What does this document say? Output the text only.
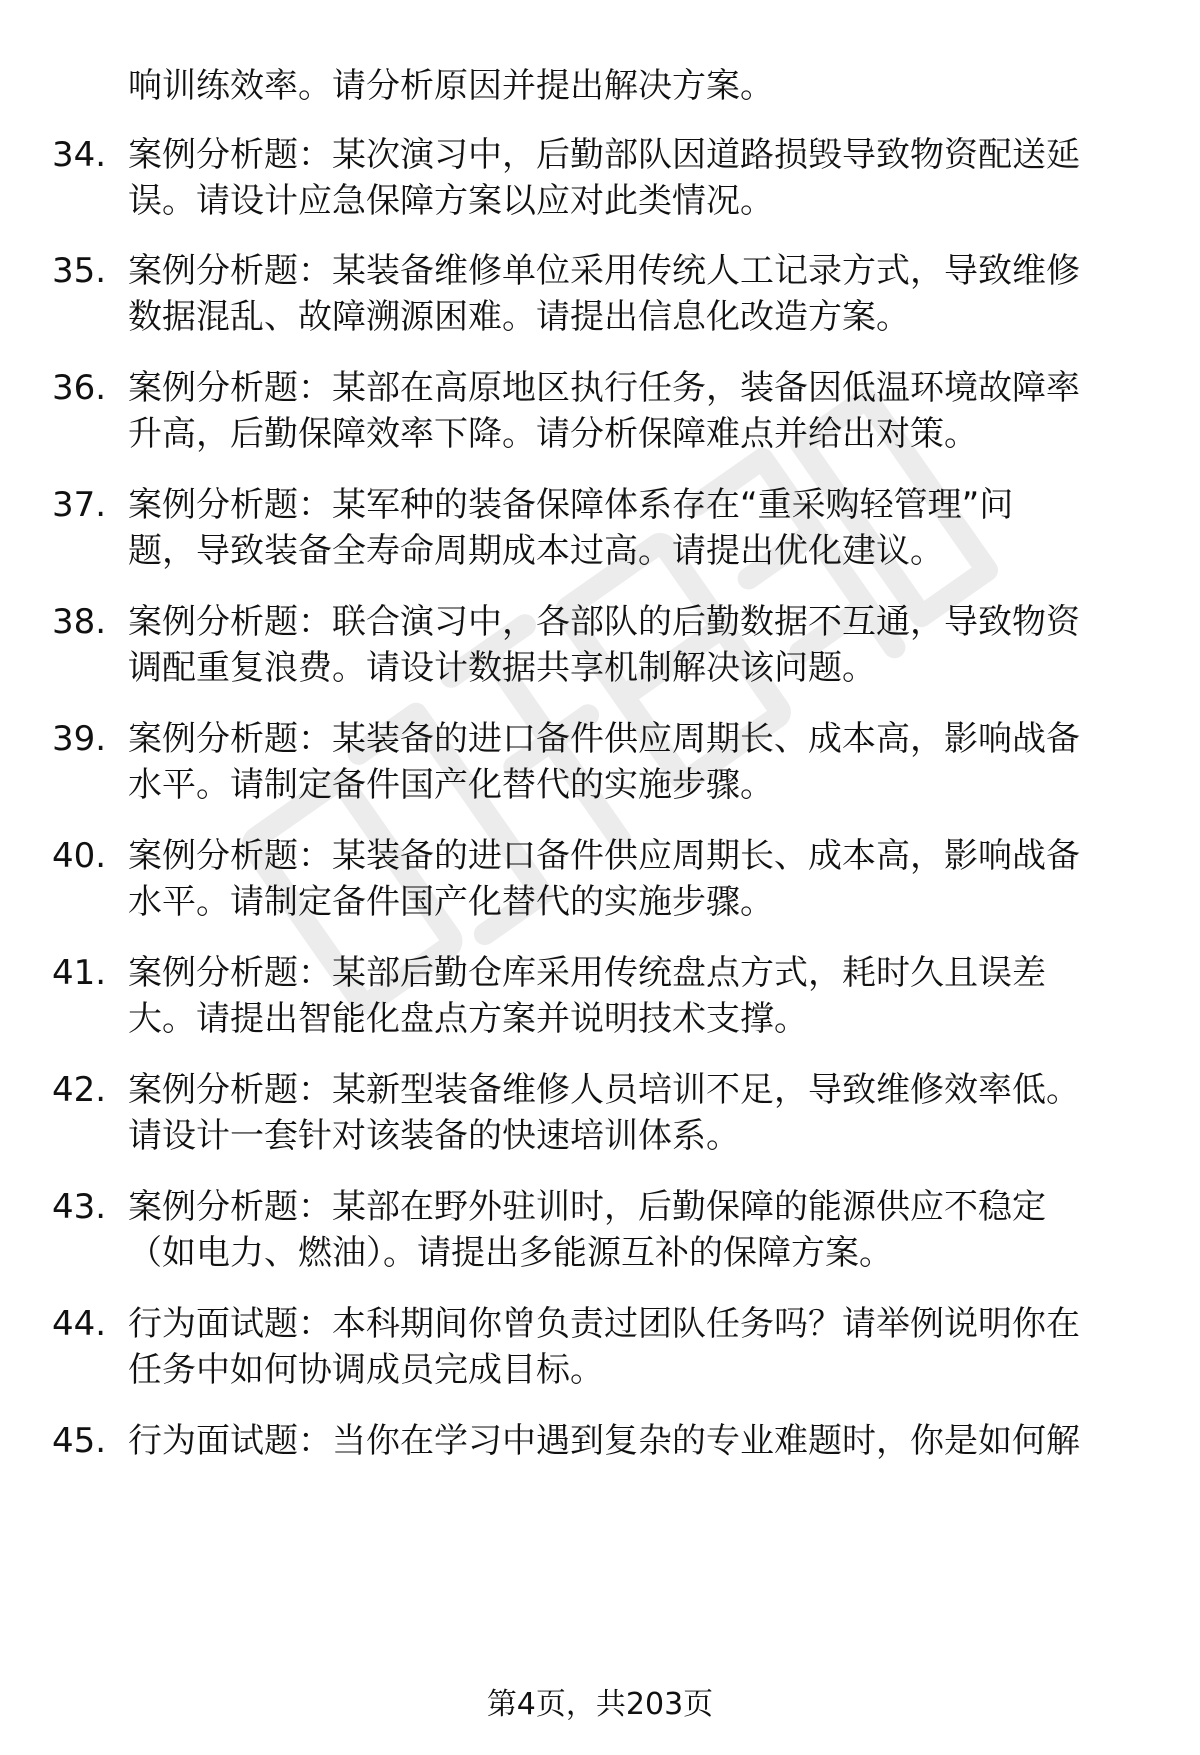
响训练效率。请分析原因并提出解决方案。
34. 案例分析题：某次演习中，后勤部队因道路损毁导致物资配送延
误。请设计应急保障方案以应对此类情况。
35. 案例分析题：某装备维修单位采用传统人工记录方式，导致维修
数据混乱、故障溯源困难。请提出信息化改造方案。
36. 案例分析题：某部在高原地区执行任务，装备因低温环境故障率
升高，后勤保障效率下降。请分析保障难点并给出对策。
37. 案例分析题：某军种的装备保障体系存在“重采购轻管理”问
题，导致装备全寿命周期成本过高。请提出优化建议。
38. 案例分析题：联合演习中，各部队的后勤数据不互通，导致物资
调配重复浪费。请设计数据共享机制解决该问题。
39. 案例分析题：某装备的进口备件供应周期长、成本高，影响战备
水平。请制定备件国产化替代的实施步骤。
40. 案例分析题：某装备的进口备件供应周期长、成本高，影响战备
水平。请制定备件国产化替代的实施步骤。
41. 案例分析题：某部后勤仓库采用传统盘点方式，耗时久且误差
大。请提出智能化盘点方案并说明技术支撑。
42. 案例分析题：某新型装备维修人员培训不足，导致维修效率低。
请设计一套针对该装备的快速培训体系。
43. 案例分析题：某部在野外驻训时，后勤保障的能源供应不稳定
（如电力、燃油）。请提出多能源互补的保障方案。
44. 行为面试题：本科期间你曾负责过团队任务吗？请举例说明你在
任务中如何协调成员完成目标。
45. 行为面试题：当你在学习中遇到复杂的专业难题时，你是如何解
第4页，共203页
